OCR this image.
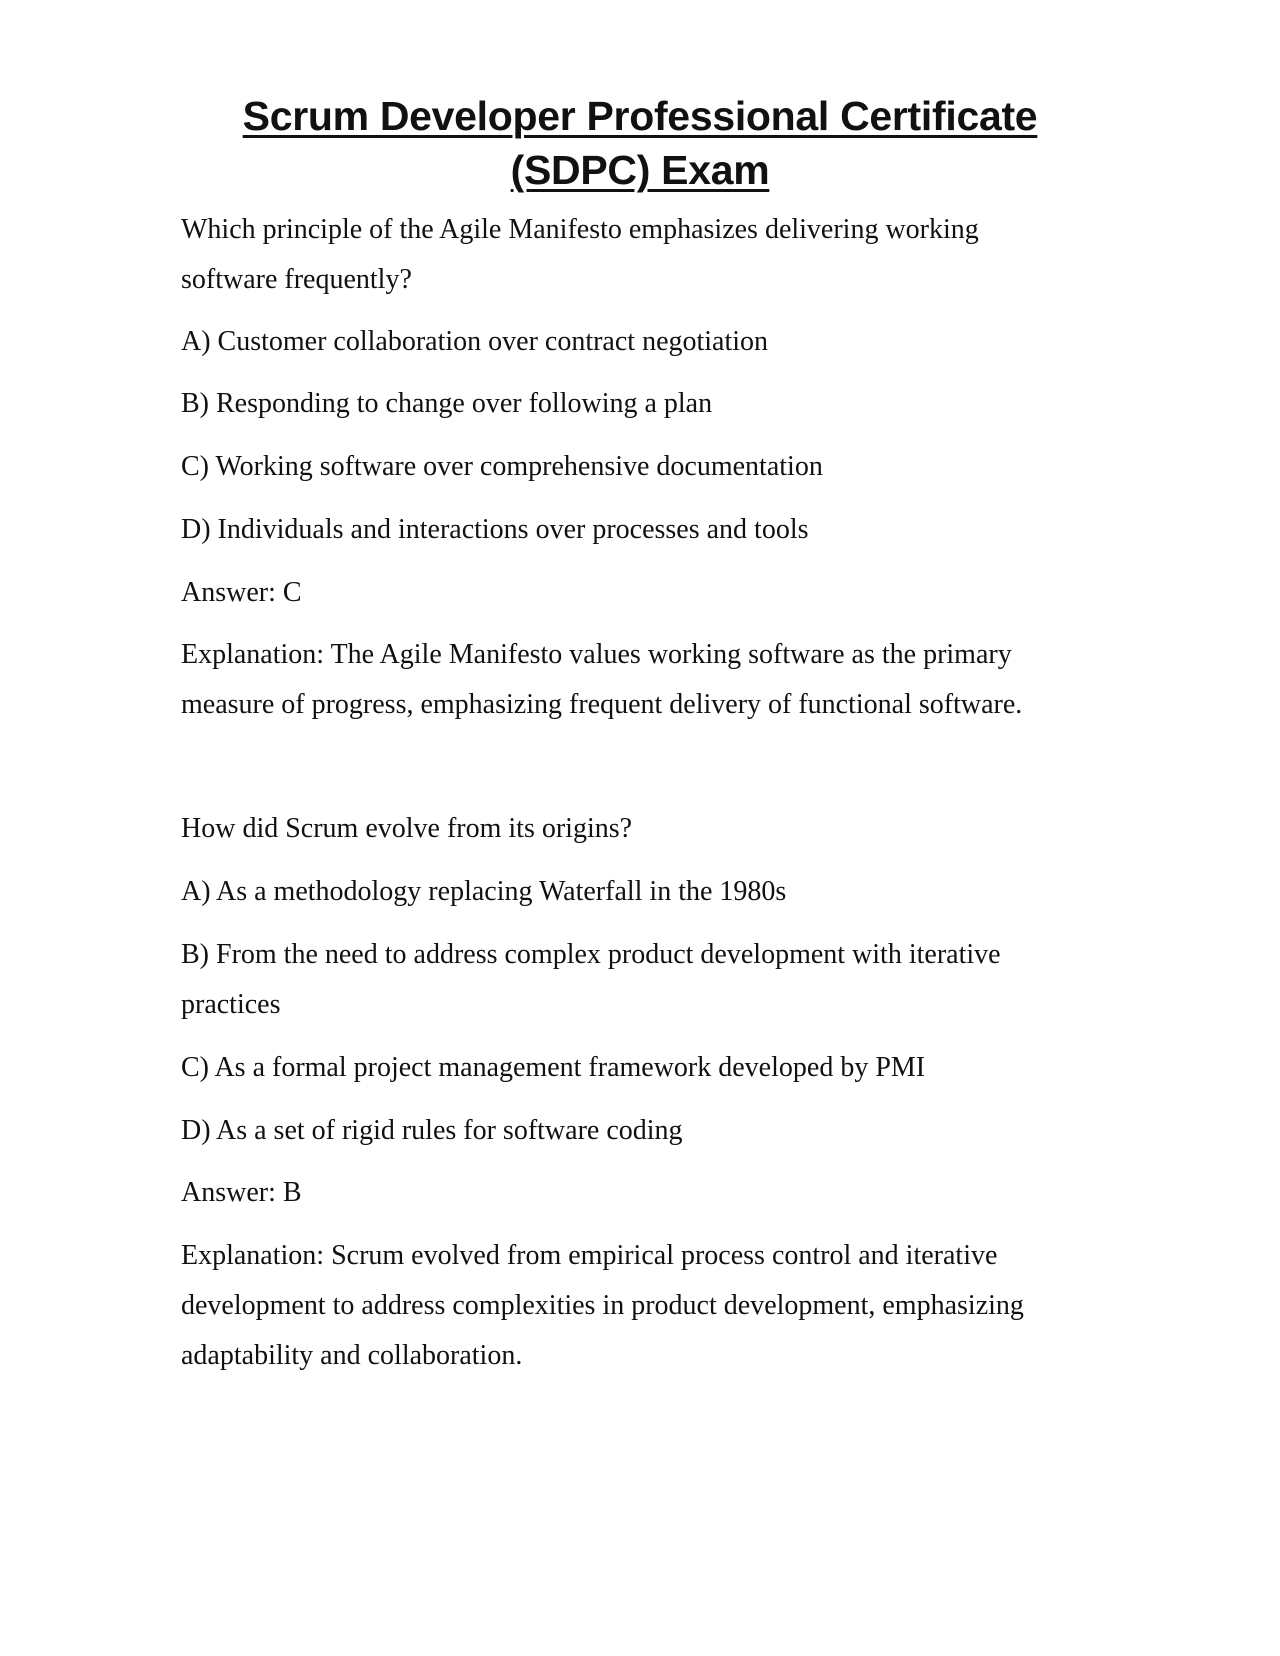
Scrum Developer Professional Certificate
(SDPC) Exam
Which principle of the Agile Manifesto emphasizes delivering working
software frequently?
A) Customer collaboration over contract negotiation
B) Responding to change over following a plan
C) Working software over comprehensive documentation
D) Individuals and interactions over processes and tools
Answer: C
Explanation: The Agile Manifesto values working software as the primary
measure of progress, emphasizing frequent delivery of functional software.
How did Scrum evolve from its origins?
A) As a methodology replacing Waterfall in the 1980s
B) From the need to address complex product development with iterative
practices
C) As a formal project management framework developed by PMI
D) As a set of rigid rules for software coding
Answer: B
Explanation: Scrum evolved from empirical process control and iterative
development to address complexities in product development, emphasizing
adaptability and collaboration.
